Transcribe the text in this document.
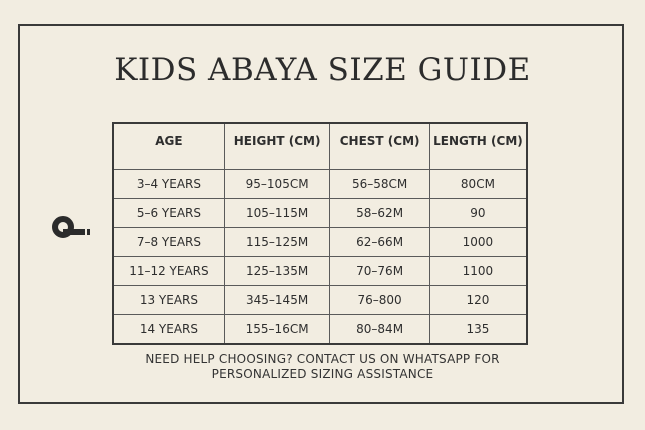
KIDS ABAYA SIZE GUIDE
AGE	HEIGHT (CM)	CHEST (CM)	LENGTH (CM)
3–4 YEARS	95–105CM	56–58CM	80CM
5–6 YEARS	105–115M	58–62M	90
7–8 YEARS	115–125M	62–66M	1000
11–12 YEARS	125–135M	70–76M	1100
13 YEARS	345–145M	76–800	120
14 YEARS	155–16CM	80–84M	135
NEED HELP CHOOSING? CONTACT US ON WHATSAPP FOR
PERSONALIZED SIZING ASSISTANCE
